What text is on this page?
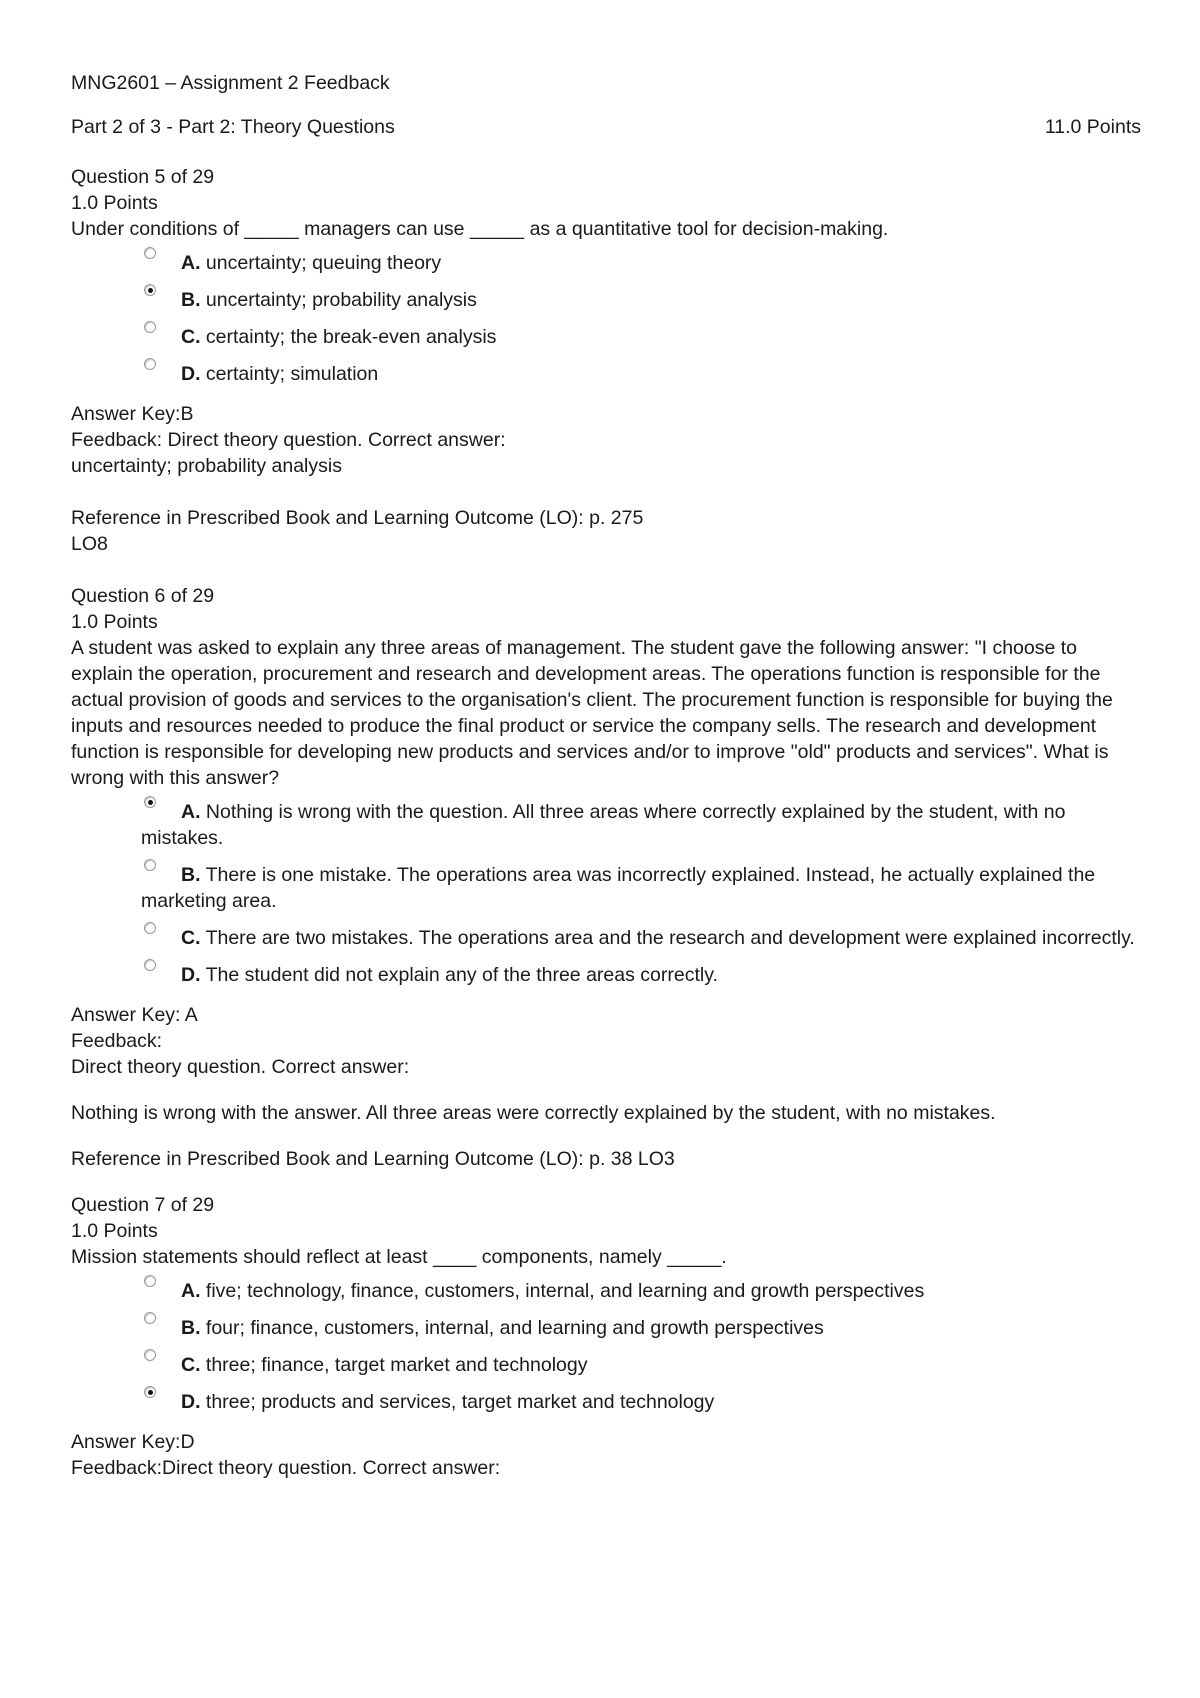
MNG2601 – Assignment 2 Feedback
Part 2 of 3 - Part 2: Theory Questions	11.0 Points
Question 5 of 29
1.0 Points
Under conditions of _____ managers can use _____ as a quantitative tool for decision-making.
A. uncertainty; queuing theory
B. uncertainty; probability analysis
C. certainty; the break-even analysis
D. certainty; simulation
Answer Key:B
Feedback: Direct theory question. Correct answer:
uncertainty; probability analysis
Reference in Prescribed Book and Learning Outcome (LO): p. 275
LO8
Question 6 of 29
1.0 Points
A student was asked to explain any three areas of management. The student gave the following answer: "I choose to explain the operation, procurement and research and development areas. The operations function is responsible for the actual provision of goods and services to the organisation's client. The procurement function is responsible for buying the inputs and resources needed to produce the final product or service the company sells. The research and development function is responsible for developing new products and services and/or to improve "old" products and services". What is wrong with this answer?
A. Nothing is wrong with the question. All three areas where correctly explained by the student, with no mistakes.
B. There is one mistake. The operations area was incorrectly explained. Instead, he actually explained the marketing area.
C. There are two mistakes. The operations area and the research and development were explained incorrectly.
D. The student did not explain any of the three areas correctly.
Answer Key: A
Feedback:
Direct theory question. Correct answer:
Nothing is wrong with the answer. All three areas were correctly explained by the student, with no mistakes.
Reference in Prescribed Book and Learning Outcome (LO): p. 38 LO3
Question 7 of 29
1.0 Points
Mission statements should reflect at least ____ components, namely _____.
A. five; technology, finance, customers, internal, and learning and growth perspectives
B. four; finance, customers, internal, and learning and growth perspectives
C. three; finance, target market and technology
D. three; products and services, target market and technology
Answer Key:D
Feedback:Direct theory question. Correct answer:
